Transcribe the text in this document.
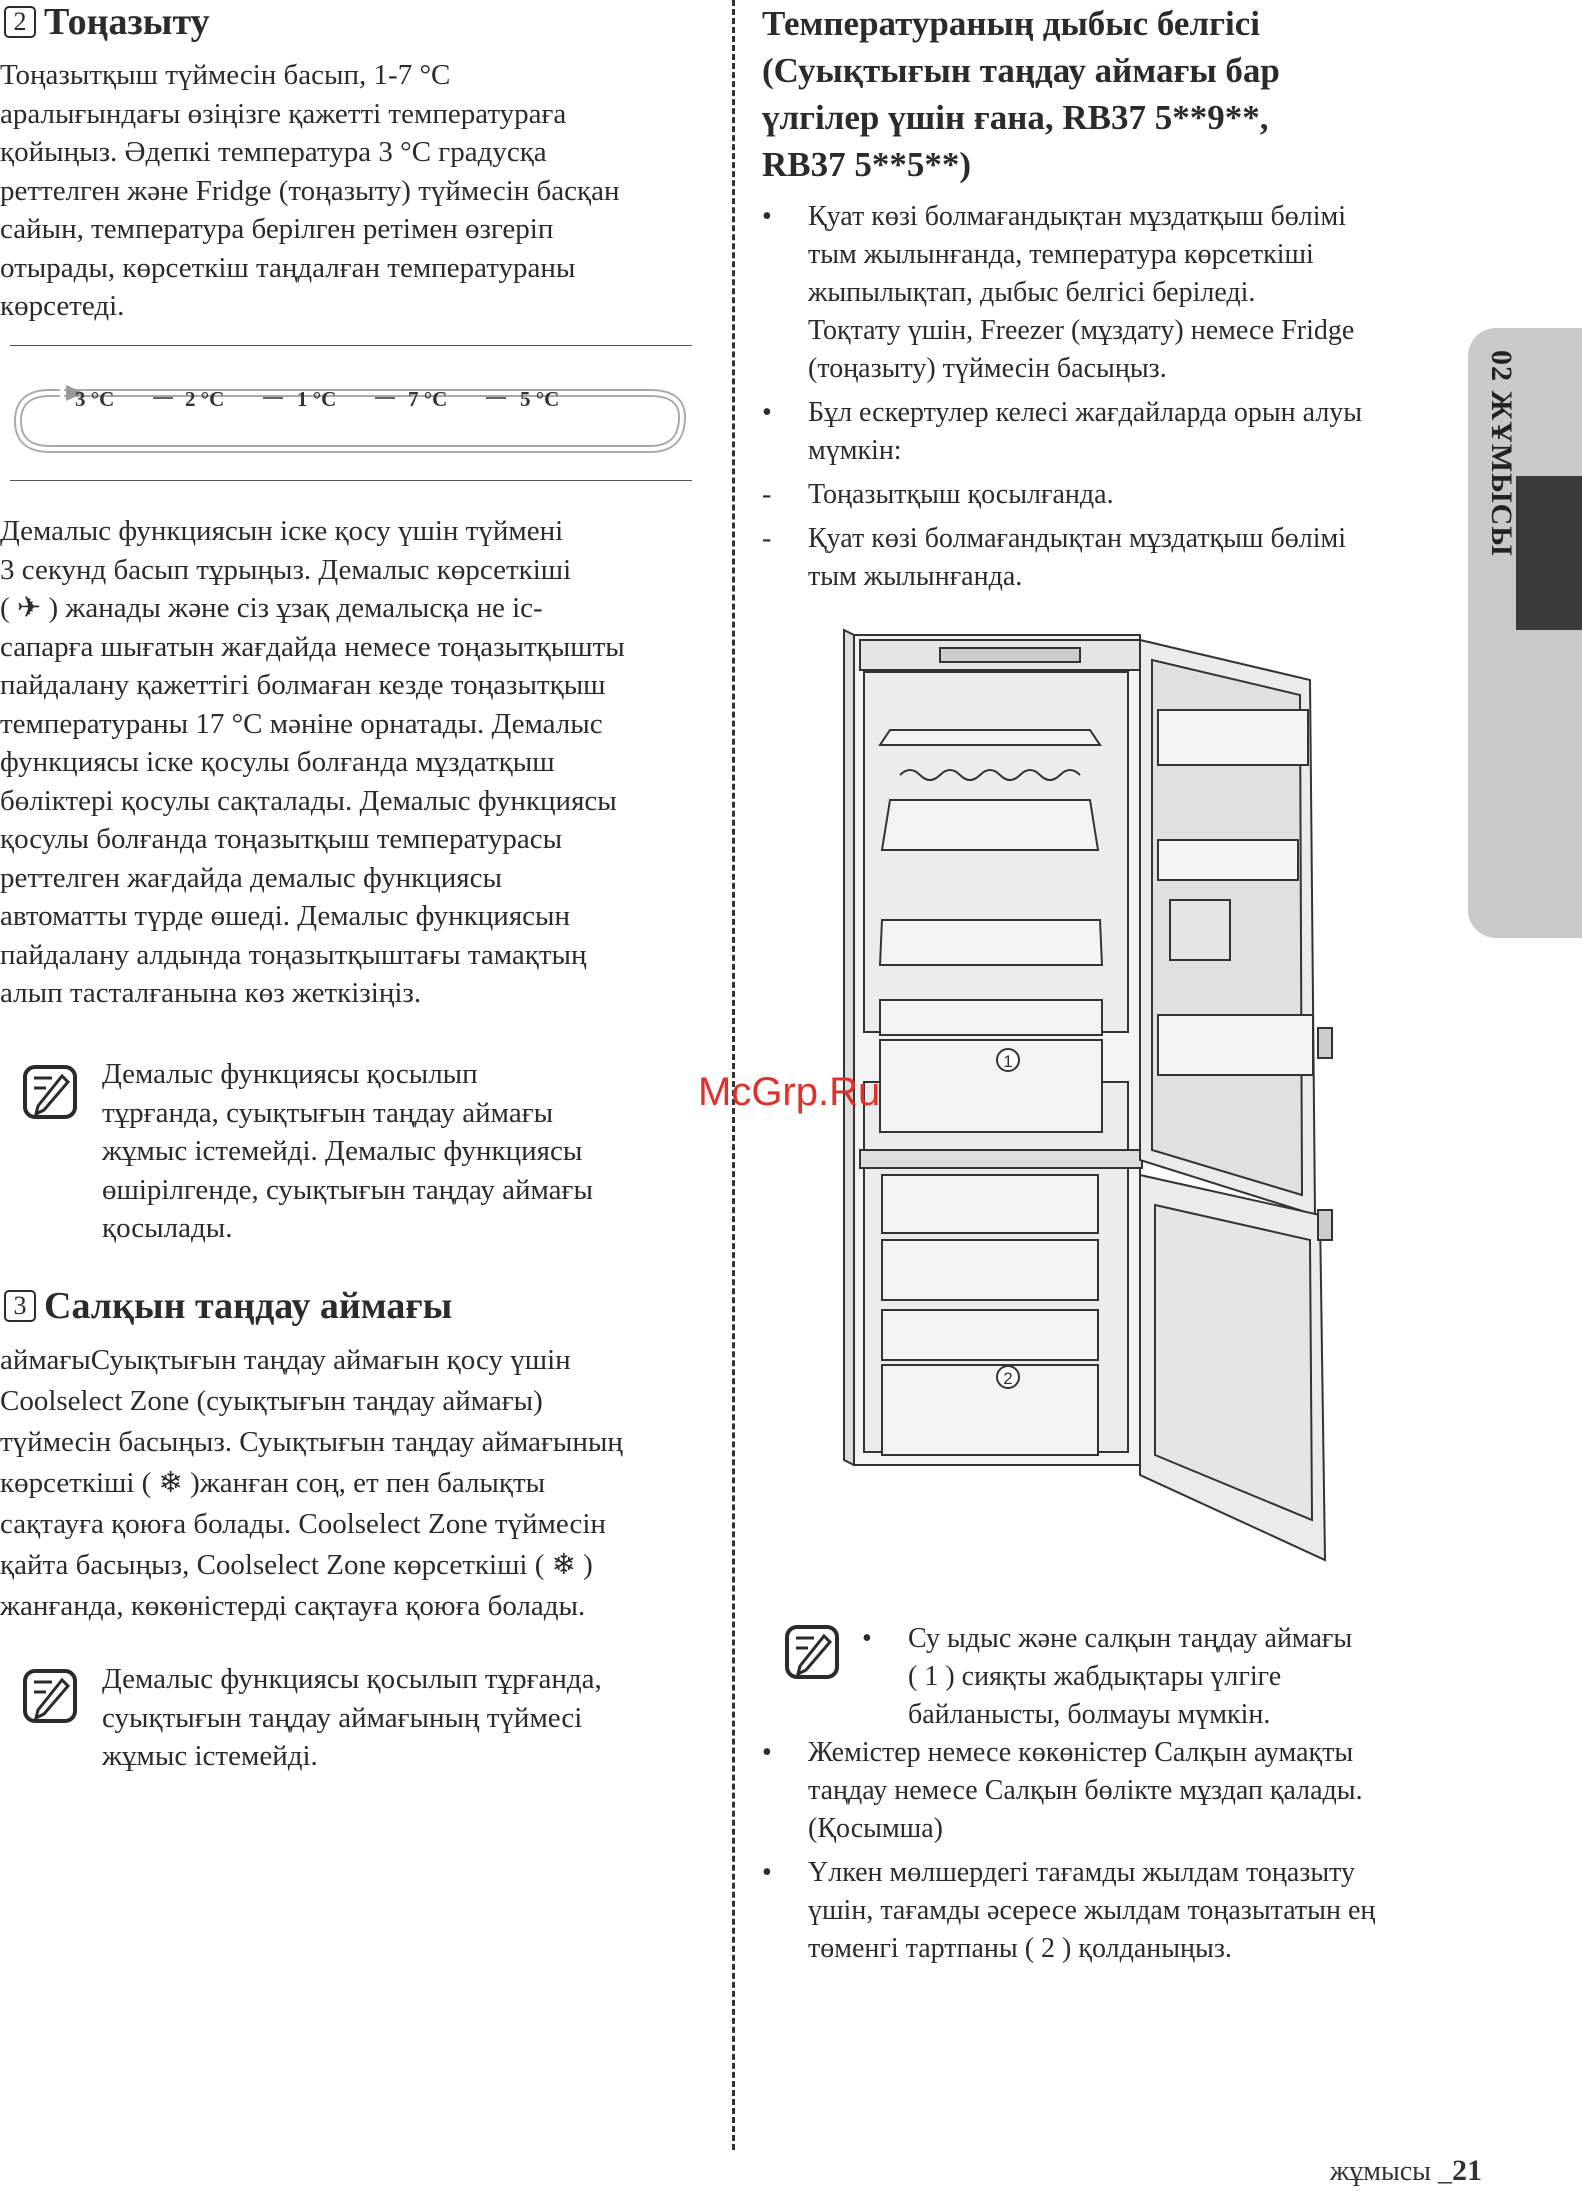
2 Тоңазыту

Тоңазытқыш түймесін басып, 1-7 °C

аралығындағы өзіңізге қажетті температураға

қойыңыз. Әдепкі температура 3 °C градусқа

реттелген және Fridge (тоңазыту) түймесін басқан

сайын, температура берілген ретімен өзгеріп

отырады, көрсеткіш таңдалған температураны

көрсетеді.

3 °C	2 °C	1 °C	7 °C	5 °C

Демалыс функциясын іске қосу үшін түймені

3 секунд басып тұрыңыз. Демалыс көрсеткіші

( ✈ ) жанады және сіз ұзақ демалысқа не іс-

сапарға шығатын жағдайда немесе тоңазытқышты

пайдалану қажеттігі болмаған кезде тоңазытқыш

температураны 17 °C мәніне орнатады. Демалыс

функциясы іске қосулы болғанда мұздатқыш

бөліктері қосулы сақталады. Демалыс функциясы

қосулы болғанда тоңазытқыш температурасы

реттелген жағдайда демалыс функциясы

автоматты түрде өшеді. Демалыс функциясын

пайдалану алдында тоңазытқыштағы тамақтың

алып тасталғанына көз жеткізіңіз.

Демалыс функциясы қосылып

тұрғанда, суықтығын таңдау аймағы

жұмыс істемейді. Демалыс функциясы

өшірілгенде, суықтығын таңдау аймағы

қосылады.

3 Салқын таңдау аймағы

аймағыСуықтығын таңдау аймағын қосу үшін

Coolselect Zone (суықтығын таңдау аймағы)

түймесін басыңыз. Суықтығын таңдау аймағының

көрсеткіші ( ❄ )жанған соң, ет пен балықты

сақтауға қоюға болады. Coolselect Zone түймесін

қайта басыңыз, Coolselect Zone көрсеткіші ( ❄ )

жанғанда, көкөністерді сақтауға қоюға болады.

Демалыс функциясы қосылып тұрғанда,

суықтығын таңдау аймағының түймесі

жұмыс істемейді.

Температураның дыбыс белгісі
(Суықтығын таңдау аймағы бар
үлгілер үшін ғана, RB37 5**9**,
RB37 5**5**)
• Қуат көзі болмағандықтан мұздатқыш бөлімі
тым жылынғанда, температура көрсеткіші
жыпылықтап, дыбыс белгісі беріледі.
Тоқтату үшін, Freezer (мұздату) немесе Fridge
(тоңазыту) түймесін басыңыз.
• Бұл ескертулер келесі жағдайларда орын алуы
мүмкін:
- Тоңазытқыш қосылғанда.
- Қуат көзі болмағандықтан мұздатқыш бөлімі
тым жылынғанда.
1
2
• Су ыдыс және салқын таңдау аймағы
( 1 ) сияқты жабдықтары үлгіге
байланысты, болмауы мүмкін.
• Жемістер немесе көкөністер Салқын аумақты
таңдау немесе Салқын бөлікте мұздап қалады.
(Қосымша)
• Үлкен мөлшердегі тағамды жылдам тоңазыту
үшін, тағамды әсересе жылдам тоңазытатын ең
төменгі тартпаны ( 2 ) қолданыңыз.
02 ЖҰМЫСЫ
McGrp.Ru
жұмысы _21
